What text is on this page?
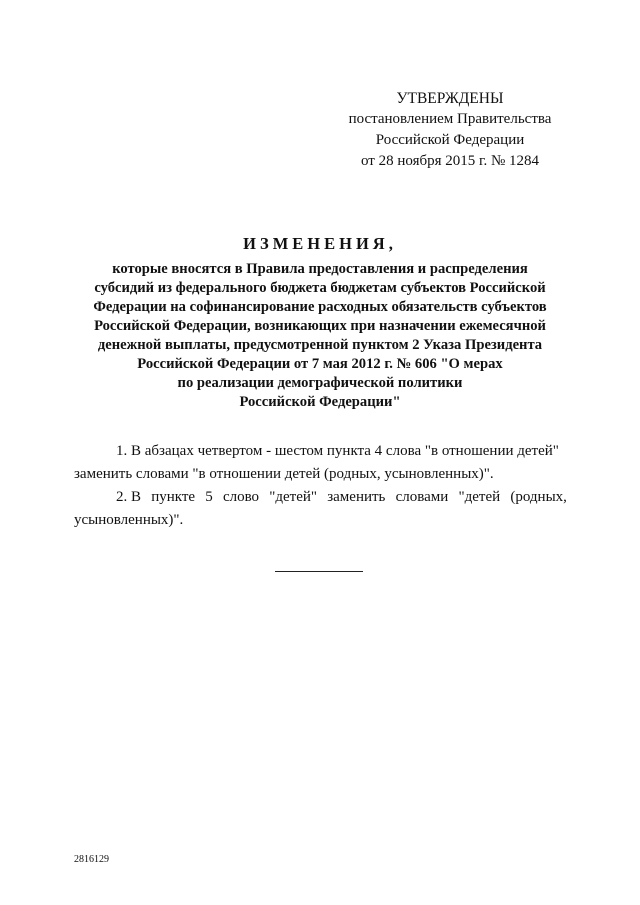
УТВЕРЖДЕНЫ
постановлением Правительства
Российской Федерации
от 28 ноября 2015 г. № 1284
ИЗМЕНЕНИЯ,
которые вносятся в Правила предоставления и распределения
субсидий из федерального бюджета бюджетам субъектов Российской
Федерации на софинансирование расходных обязательств субъектов
Российской Федерации, возникающих при назначении ежемесячной
денежной выплаты, предусмотренной пунктом 2 Указа Президента
Российской Федерации от 7 мая 2012 г. № 606 "О мерах
по реализации демографической политики
Российской Федерации"
1. В абзацах четвертом - шестом пункта 4 слова "в отношении детей"
заменить словами "в отношении детей (родных, усыновленных)".
2. В пункте 5 слово "детей" заменить словами "детей (родных,
усыновленных)".
2816129
